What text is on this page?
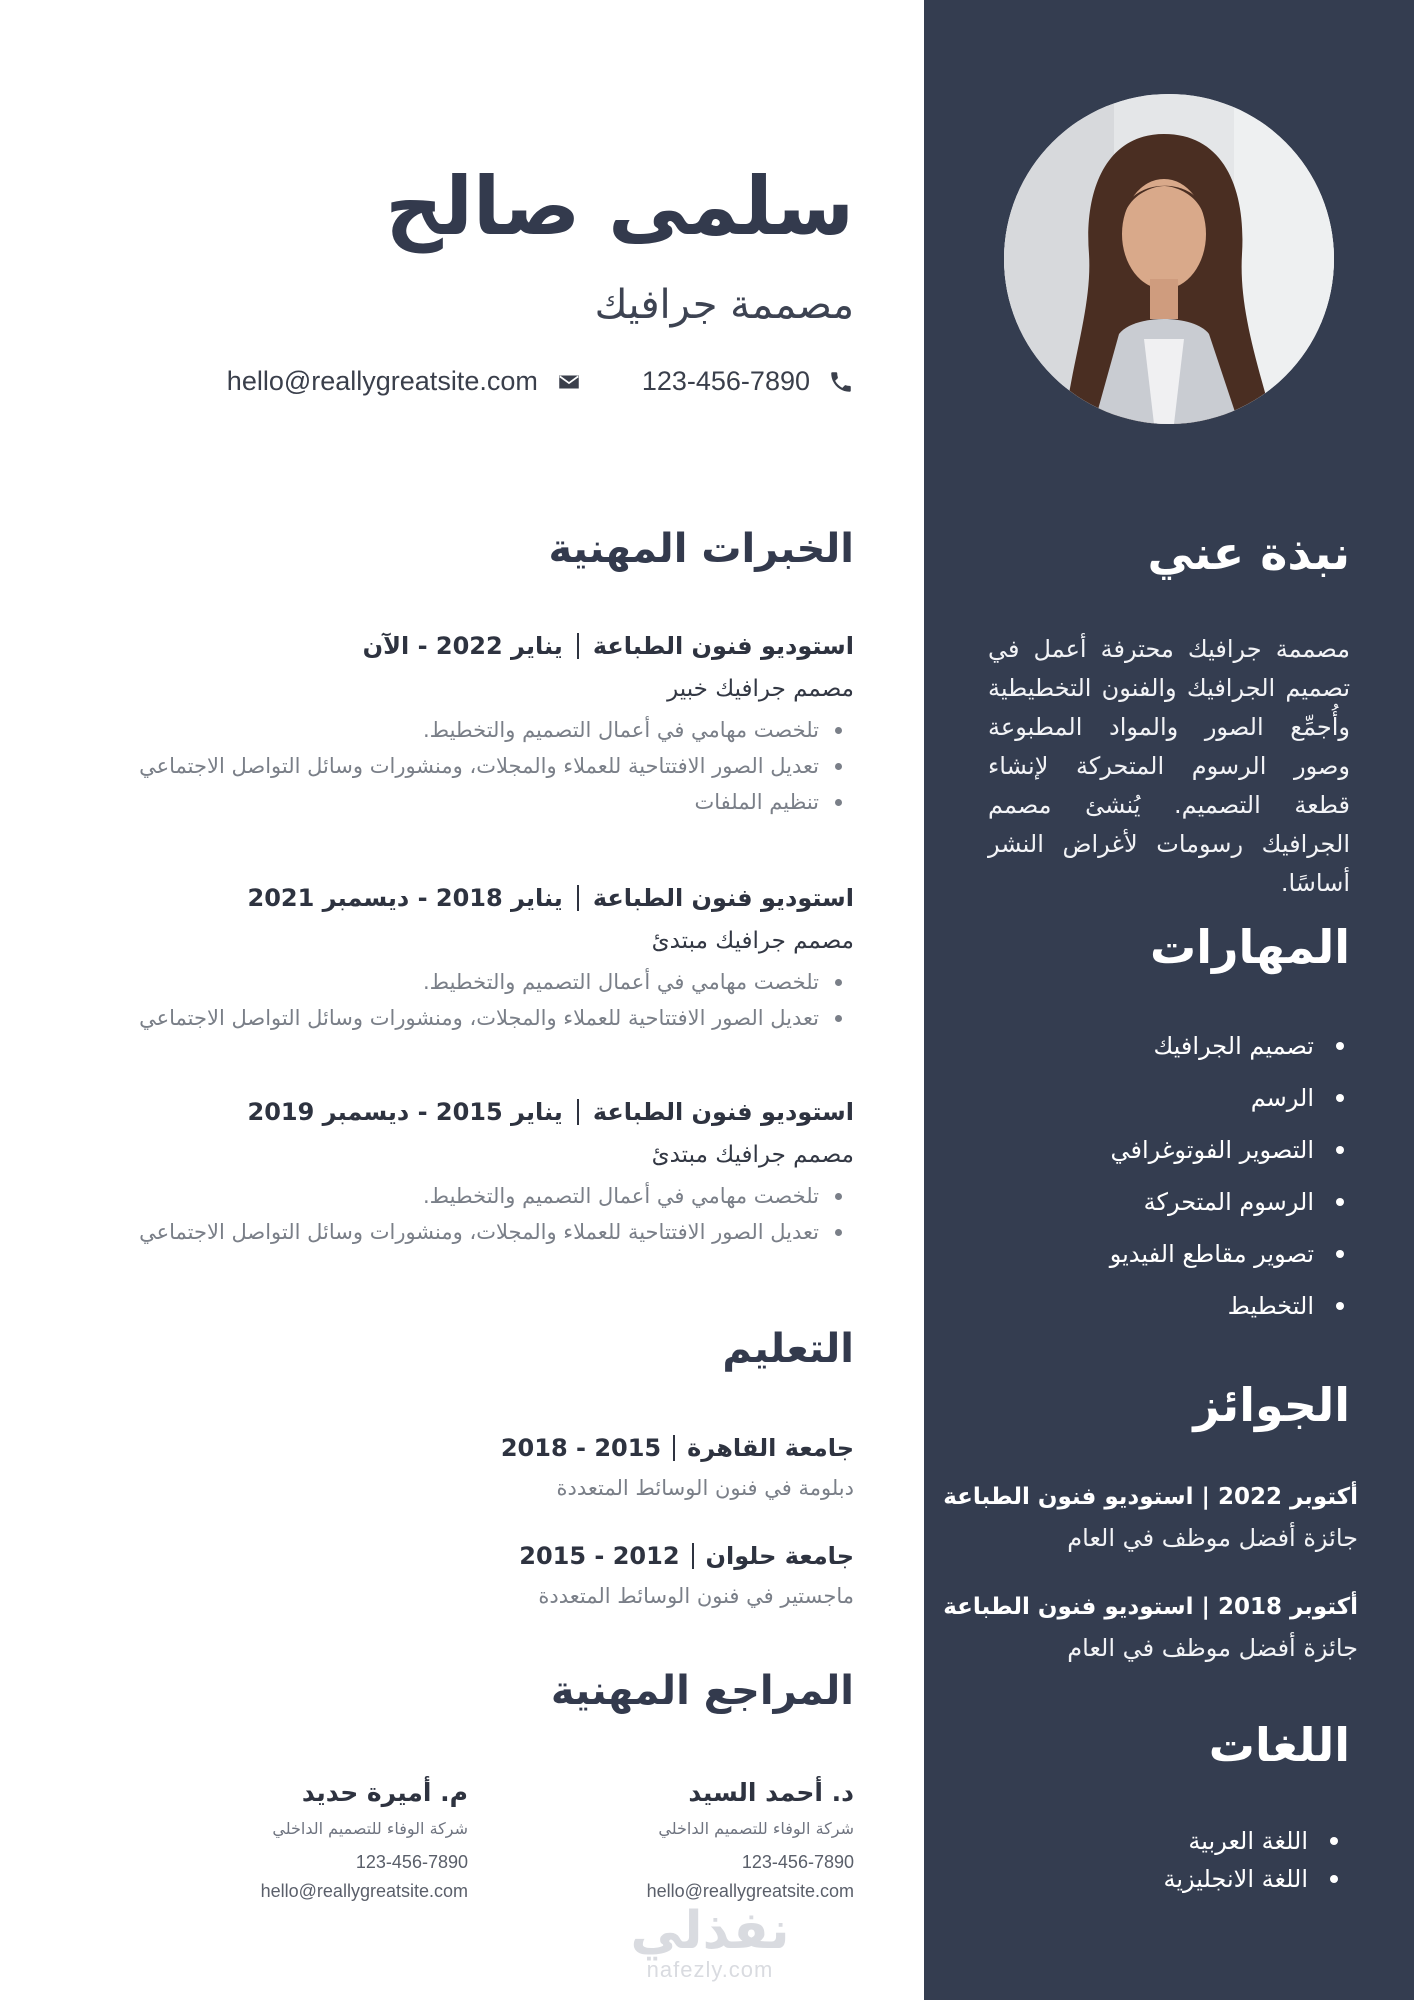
سلمى صالح
مصممة جرافيك
123-456-7890
hello@reallygreatsite.com
الخبرات المهنية
استوديو فنون الطباعة
يناير 2022 - الآن
مصمم جرافيك خبير
تلخصت مهامي في أعمال التصميم والتخطيط.
تعديل الصور الافتتاحية للعملاء والمجلات، ومنشورات وسائل التواصل الاجتماعي
تنظيم الملفات
استوديو فنون الطباعة
يناير 2018 - ديسمبر 2021
مصمم جرافيك مبتدئ
تلخصت مهامي في أعمال التصميم والتخطيط.
تعديل الصور الافتتاحية للعملاء والمجلات، ومنشورات وسائل التواصل الاجتماعي
استوديو فنون الطباعة
يناير 2015 - ديسمبر 2019
مصمم جرافيك مبتدئ
تلخصت مهامي في أعمال التصميم والتخطيط.
تعديل الصور الافتتاحية للعملاء والمجلات، ومنشورات وسائل التواصل الاجتماعي
التعليم
جامعة القاهرة
2015 - 2018
دبلومة في فنون الوسائط المتعددة
جامعة حلوان
2012 - 2015
ماجستير في فنون الوسائط المتعددة
المراجع المهنية
د. أحمد السيد
شركة الوفاء للتصميم الداخلي
123-456-7890
hello@reallygreatsite.com
م. أميرة حديد
شركة الوفاء للتصميم الداخلي
123-456-7890
hello@reallygreatsite.com
نبذة عني
مصممة جرافيك محترفة أعمل في تصميم الجرافيك والفنون التخطيطية وأُجمِّع الصور والمواد المطبوعة وصور الرسوم المتحركة لإنشاء قطعة التصميم. يُنشئ مصمم الجرافيك رسومات لأغراض النشر أساسًا.
المهارات
تصميم الجرافيك
الرسم
التصوير الفوتوغرافي
الرسوم المتحركة
تصوير مقاطع الفيديو
التخطيط
الجوائز
أكتوبر 2022 | استوديو فنون الطباعة
جائزة أفضل موظف في العام
أكتوبر 2018 | استوديو فنون الطباعة
جائزة أفضل موظف في العام
اللغات
اللغة العربية
اللغة الانجليزية
نفذلي
nafezly.com
